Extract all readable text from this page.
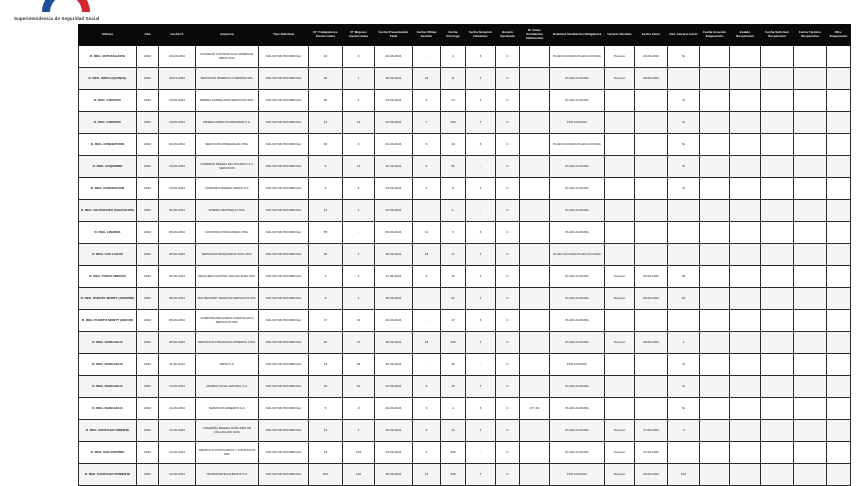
Superintendencia de Seguridad Social
Oficina	Año	Fecha IT	Empresa	Tipo Solicitud	N° Trabajadores Involucrados	N° Mujeres Involucradas	Fecha Presentación Final	Fecha Última Gestión	Fecha Prórroga	Fecha Solución Dictamen	Horario Aprobado	N° Actas Ventilación Adicionales	Solicitud Ventilación Obligatoria	Horario Iniciado	Fecha Inicio	Obs. Horario Inicio	Fecha Acuerdo Suspensión	Estado Suspensión	Fecha Solicitud Suspensión	Fecha Término Suspensión	Obs. Suspensión
D. REG. ANTOFAGASTA	2024	20-03-2024	SOCIEDAD CONTRACTUAL MINERA EL ABRA LTDA.	SOLICITUD PRORROGA	18	3	26-08-2024	-	4	3	C		PLAZO ACOGIDA PLAZO ACOGIDA	Proceso	20-09-2024	SI					
D. REG. ARICA (IQUIQUE)	2024	30-04-2024	SERVICIOS MINEROS COMPAÑIA SPA.	SOLICITUD PRORROGA	48	7	25-09-2024	12	11	3	C		PLAZO ACOGIDA	Proceso	29-08-2024						
D. REG. COPIAPO	2024	10-05-2024	MINERA CANDELARIA SERVICIOS SPA.	SOLICITUD PRORROGA	90	4	04-09-2024	5	14	3	C		PLAZO ACOGIDA			SI					
D. REG. COPIAPO	2024	10-05-2024	MINERA CERRO DOMINADOR S.A.	SOLICITUD PRORROGA	14	14	04-09-2024	7	105	3	C		POR ACOGIDA			SI					
D. REG. CONCEPCION	2024	04-05-2024	SERVICIOS INTEGRALES LTDA.	SOLICITUD PRORROGA	30	3	04-09-2024	8	16	3	C		PLAZO ACOGIDA PLAZO ACOGIDA			SI					
D. REG. COQUIMBO	2024	10-05-2024	COMPAÑIA MINERA DEL PACIFICO S.A. SERVICIOS	SOLICITUD PRORROGA	5	14	12-09-2024	5	55	-	C		PLAZO ACOGIDA			SI					
D. REG. CONCEPCION	2024	10-05-2024	COMPAÑIA MINERA CERRO S.A.	SOLICITUD PRORROGA	5	5	04-09-2024	3	5	3	C		PLAZO ACOGIDA			SI					
D. REG. VALPARAISO (SAN FELIPE)	2024	04-06-2024	MINERA CENTINELA LTDA.	SOLICITUD PRORROGA	14	3	04-09-2024	-	1-	-	C		PLAZO ACOGIDA								
D. REG. LINARES	2024	05-06-2024	CONSTRUCTORA ANDES LTDA.	SOLICITUD PRORROGA	55	-	05-09-2024	11	5	3	C		PLAZO ACOGIDA								
D. REG. LOS LAGOS	2024	05-06-2024	SERVICIOS PESQUEROS SUR LTDA.	SOLICITUD PRORROGA	45	3	26-09-2024	13	17	3	C		PLAZO ACOGIDA PLAZO ACOGIDA								
D. REG. PUNTA ARENAS	2024	05-06-2024	PESQUERA AUSTRAL MAGALLANES SPA.	SOLICITUD PRORROGA	4	3	11-09-2024	5	13	3	C		PLAZO ACOGIDA	Proceso	20-09-2024	30					
D. REG. PUERTO MONTT (OSORNO)	2024	05-06-2024	MULTIEXPORT SEAFOOD SERVICIOS SPA.	SOLICITUD PRORROGA	5	3	09-09-2024	-	61	4	C		PLAZO ACOGIDA	Proceso	26-09-2024	40					
D. REG. PUERTO MONTT (ANCUD)	2024	05-06-2024	COMPAÑIA PESQUERA CAMANCHACA SERVICIOS SPA.	SOLICITUD PRORROGA	17	31	26-09-2024	-	47	3	C		PLAZO ACOGIDA								
D. REG. RANCAGUA	2024	05-06-2024	SERVICIOS INTEGRALES MINEROS LTDA.	SOLICITUD PRORROGA	81	37	26-09-2024	13	406	3	C		PLAZO ACOGIDA	Proceso	29-09-2024	1					
D. REG. RANCAGUA	2024	11-06-2024	IMPSA S.A.	SOLICITUD PRORROGA	14	45	26-09-2024	-	45	-	C		POR ACOGIDA			SI					
D. REG. RANCAGUA	2024	13-06-2024	MINERA VALLE CENTRAL S.A.	SOLICITUD PRORROGA	31	51	04-09-2024	3	15	3	C		PLAZO ACOGIDA			SI					
D. REG. RANCAGUA	2024	13-06-2024	SERVICIOS MINEROS S.A.	SOLICITUD PRORROGA	5	-3	09-09-2024	3	-1	3	C	277-02	PLAZO ACOGIDA			SI					
D. REG. SANTIAGO ORIENTE	2024	14-06-2024	COMPAÑIA MINERA DOÑA INES DE COLLAHUASI SCM.	SOLICITUD PRORROGA	14	3	04-09-2024	3	14	3	C		PLAZO ACOGIDA	Proceso	17-09-2024	-3					
D. REG. SAN ANTONIO	2024	14-06-2024	SERVICIOS PORTUARIOS Y LOGISTICOS SPA.	SOLICITUD PRORROGA	14	104	04-09-2024	3	305	-	C		PLAZO ACOGIDA	Proceso	17-09-2024						
D. REG. SANTIAGO PONIENTE	2024	14-06-2024	TRANSPORTES ANDINOS S.A.	SOLICITUD PRORROGA	301	130	09-09-2024	14	345	3	C		POR ACOGIDA	Proceso	30-09-2024	103					
